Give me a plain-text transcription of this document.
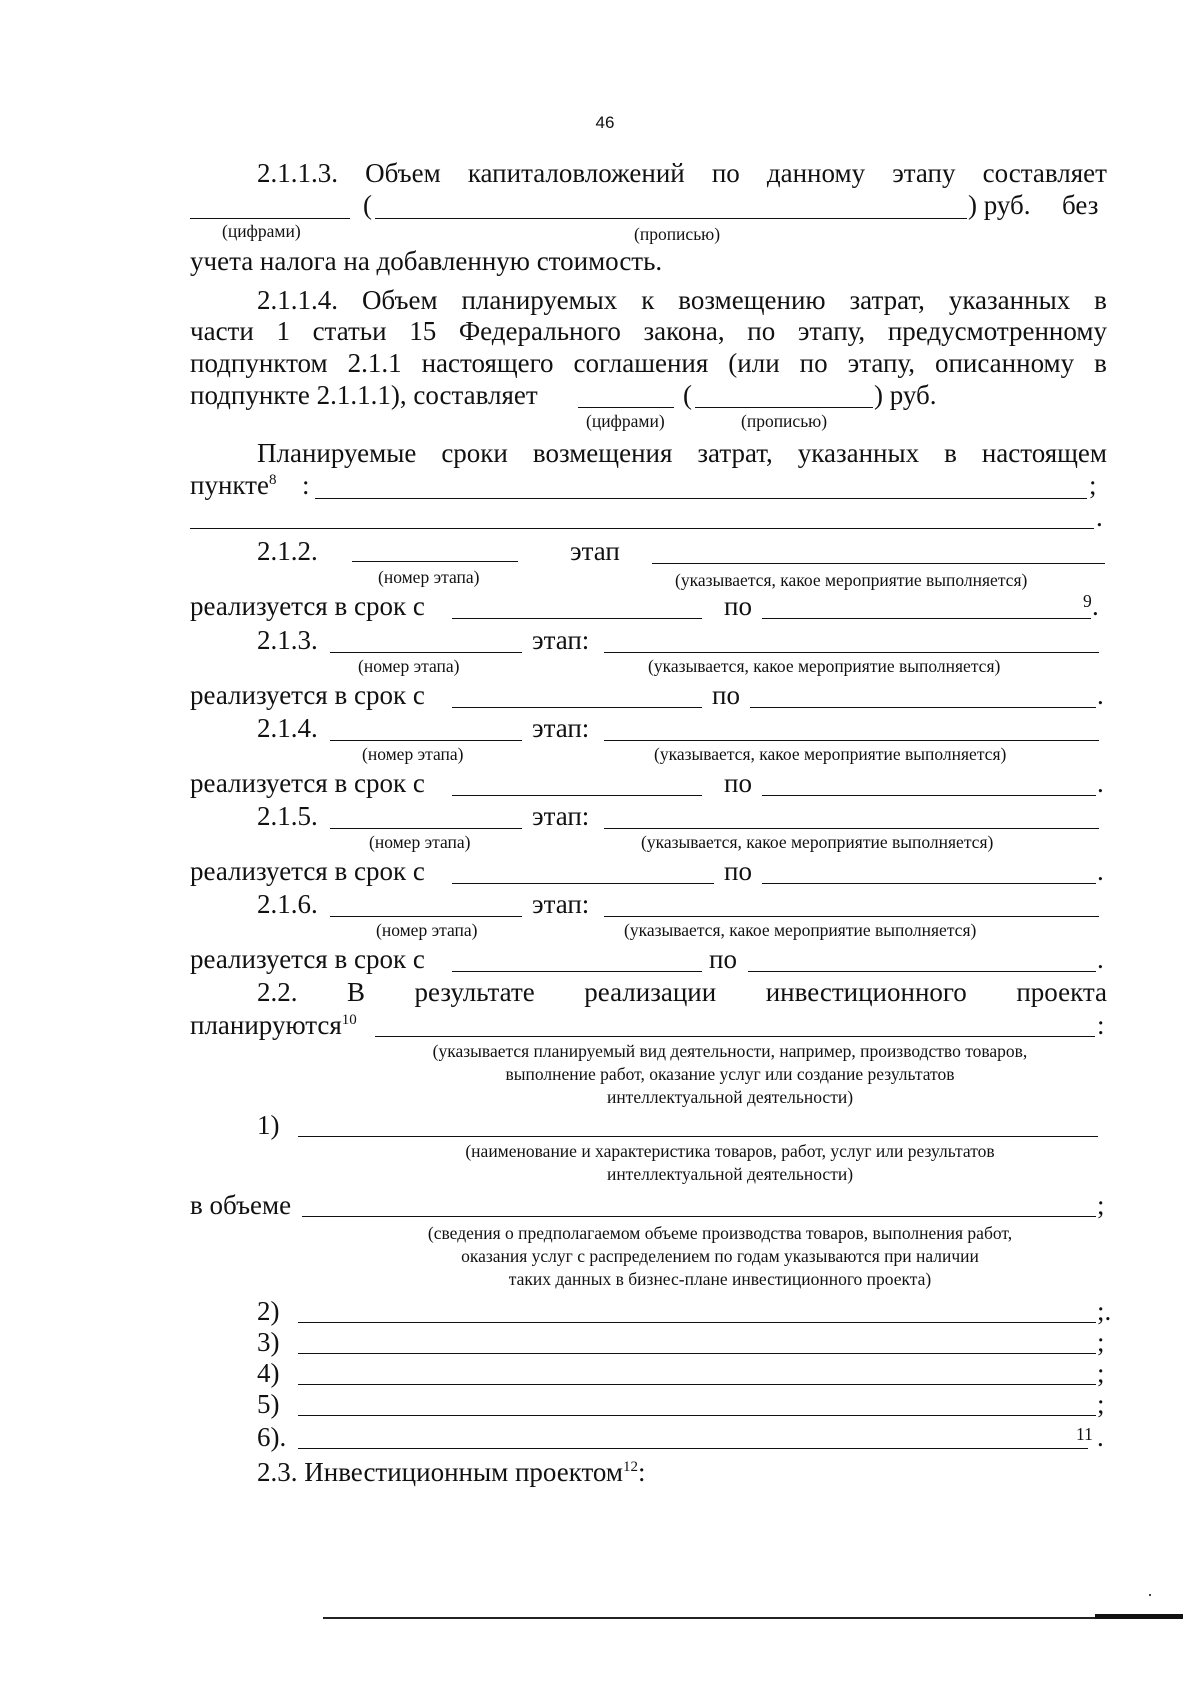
46
2.1.1.3. Объем капиталовложений по данному этапу составляет
(	) руб. без
(цифрами)	(прописью)
учета налога на добавленную стоимость.
2.1.1.4. Объем планируемых к возмещению затрат, указанных в
части 1 статьи 15 Федерального закона, по этапу, предусмотренному
подпунктом 2.1.1 настоящего соглашения (или по этапу, описанному в
подпункте 2.1.1.1), составляет	(	) руб.
(цифрами)	(прописью)
Планируемые сроки возмещения затрат, указанных в настоящем
пункте$^8$ :	;
.
2.1.2.	этап
(номер этапа)	(указывается, какое мероприятие выполняется)
реализуется в срок с	по	9 .
2.1.3.	этап:
(номер этапа)	(указывается, какое мероприятие выполняется)
реализуется в срок с	по	.
2.1.4.	этап:
(номер этапа)	(указывается, какое мероприятие выполняется)
реализуется в срок с	по	.
2.1.5.	этап:
(номер этапа)	(указывается, какое мероприятие выполняется)
реализуется в срок с	по	.
2.1.6.	этап:
(номер этапа)	(указывается, какое мероприятие выполняется)
реализуется в срок с	по	.
2.2. В результате реализации инвестиционного проекта
планируются$^{10}$	:
(указывается планируемый вид деятельности, например, производство товаров,
выполнение работ, оказание услуг или создание результатов
интеллектуальной деятельности)
1)
(наименование и характеристика товаров, работ, услуг или результатов
интеллектуальной деятельности)
в объеме	;
(сведения о предполагаемом объеме производства товаров, выполнения работ,
оказания услуг с распределением по годам указываются при наличии
таких данных в бизнес-плане инвестиционного проекта)
2)	;.
3)	;
4)	;
5)	;
6).	11 .
2.3. Инвестиционным проектом$^{12}$:
